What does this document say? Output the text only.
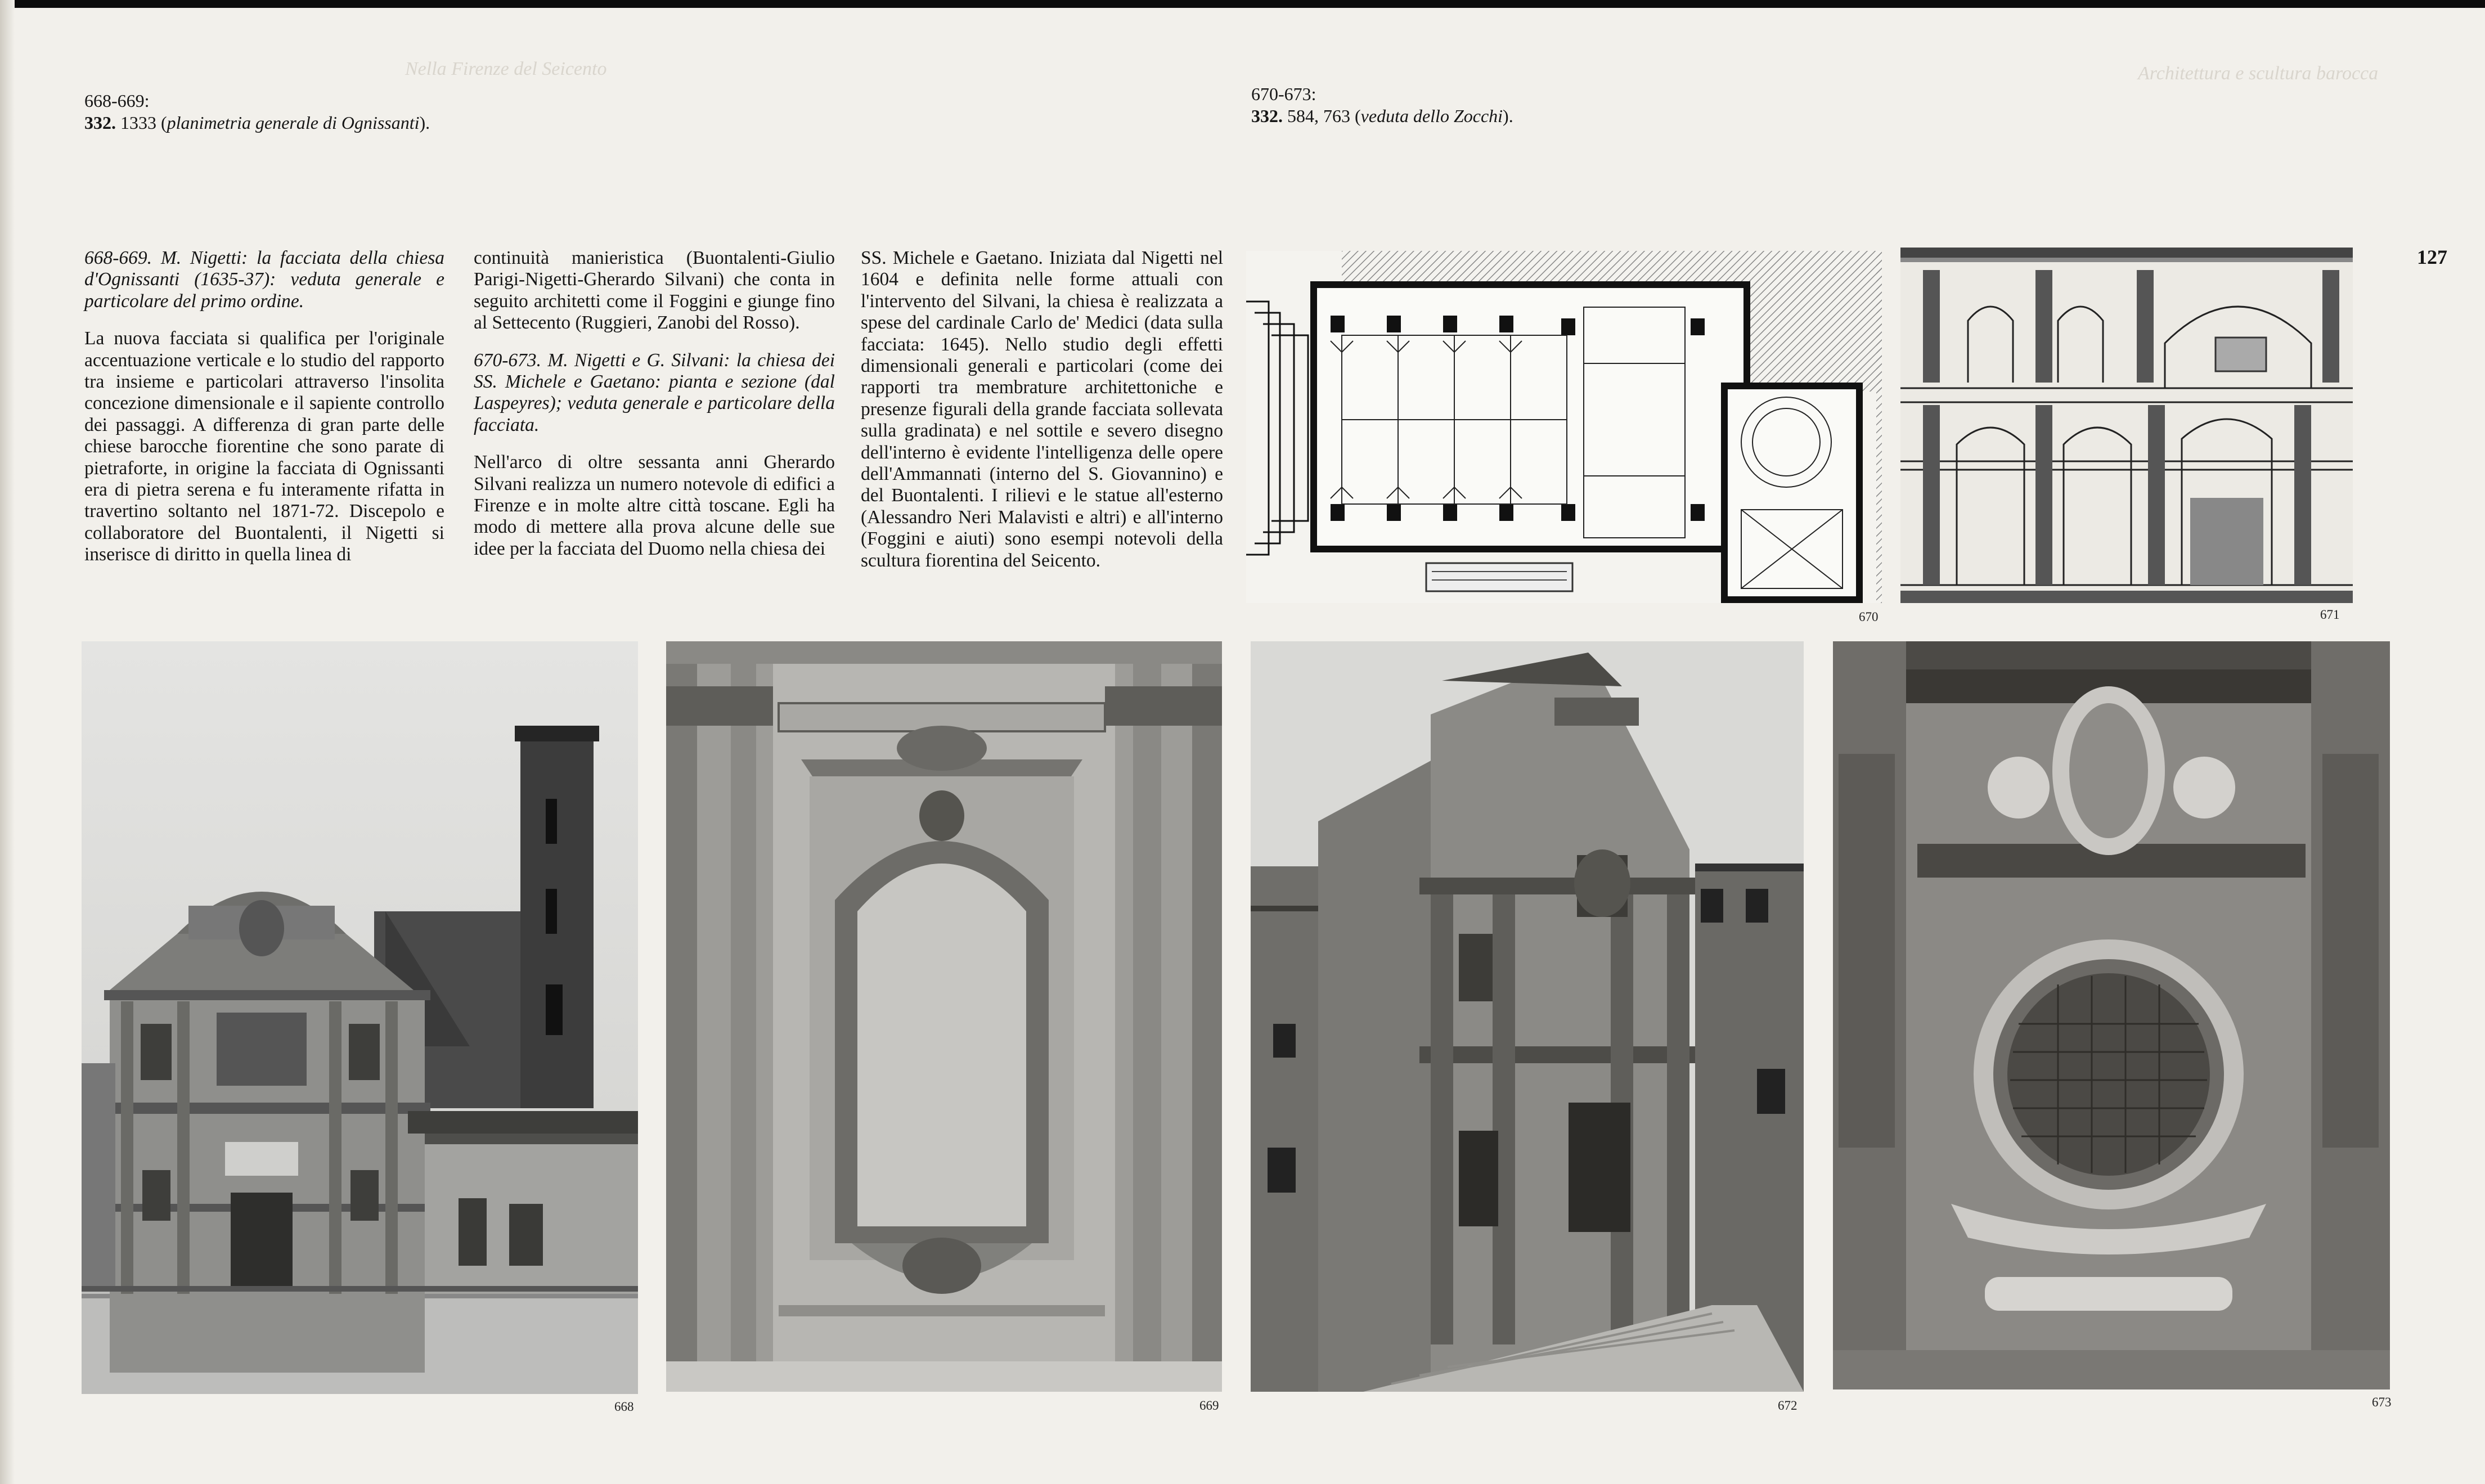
Nella Firenze del Seicento	Architettura e scultura barocca
668-669:
332. 1333 (planimetria generale di Ognissanti).
670-673:
332. 584, 763 (veduta dello Zocchi).

668-669. M. Nigetti: la facciata della chiesa d'Ognissanti (1635-37): veduta generale e particolare del primo ordine.

La nuova facciata si qualifica per l'originale accentuazione verticale e lo studio del rapporto tra insieme e particolari attraverso l'insolita concezione dimensionale e il sapiente controllo dei passaggi. A differenza di gran parte delle chiese barocche fiorentine che sono parate di pietraforte, in origine la facciata di Ognissanti era di pietra serena e fu interamente rifatta in travertino soltanto nel 1871-72. Discepolo e collaboratore del Buontalenti, il Nigetti si inserisce di diritto in quella linea di

continuità manieristica (Buontalenti-Giulio Parigi-Nigetti-Gherardo Silvani) che conta in seguito architetti come il Foggini e giunge fino al Settecento (Ruggieri, Zanobi del Rosso).

670-673. M. Nigetti e G. Silvani: la chiesa dei SS. Michele e Gaetano: pianta e sezione (dal Laspeyres); veduta generale e particolare della facciata.

Nell'arco di oltre sessanta anni Gherardo Silvani realizza un numero notevole di edifici a Firenze e in molte altre città toscane. Egli ha modo di mettere alla prova alcune delle sue idee per la facciata del Duomo nella chiesa dei

SS. Michele e Gaetano. Iniziata dal Nigetti nel 1604 e definita nelle forme attuali con l'intervento del Silvani, la chiesa è realizzata a spese del cardinale Carlo de' Medici (data sulla facciata: 1645). Nello studio degli effetti dimensionali generali e particolari (come dei rapporti tra membrature architettoniche e presenze figurali della grande facciata sollevata sulla gradinata) e nel sottile e severo disegno dell'interno è evidente l'intelligenza delle opere dell'Ammannati (interno del S. Giovannino) e del Buontalenti. I rilievi e le statue all'esterno (Alessandro Neri Malavisti e altri) e all'interno (Foggini e aiuti) sono esempi notevoli della scultura fiorentina del Seicento.

127
670	671
668	669	672	673
